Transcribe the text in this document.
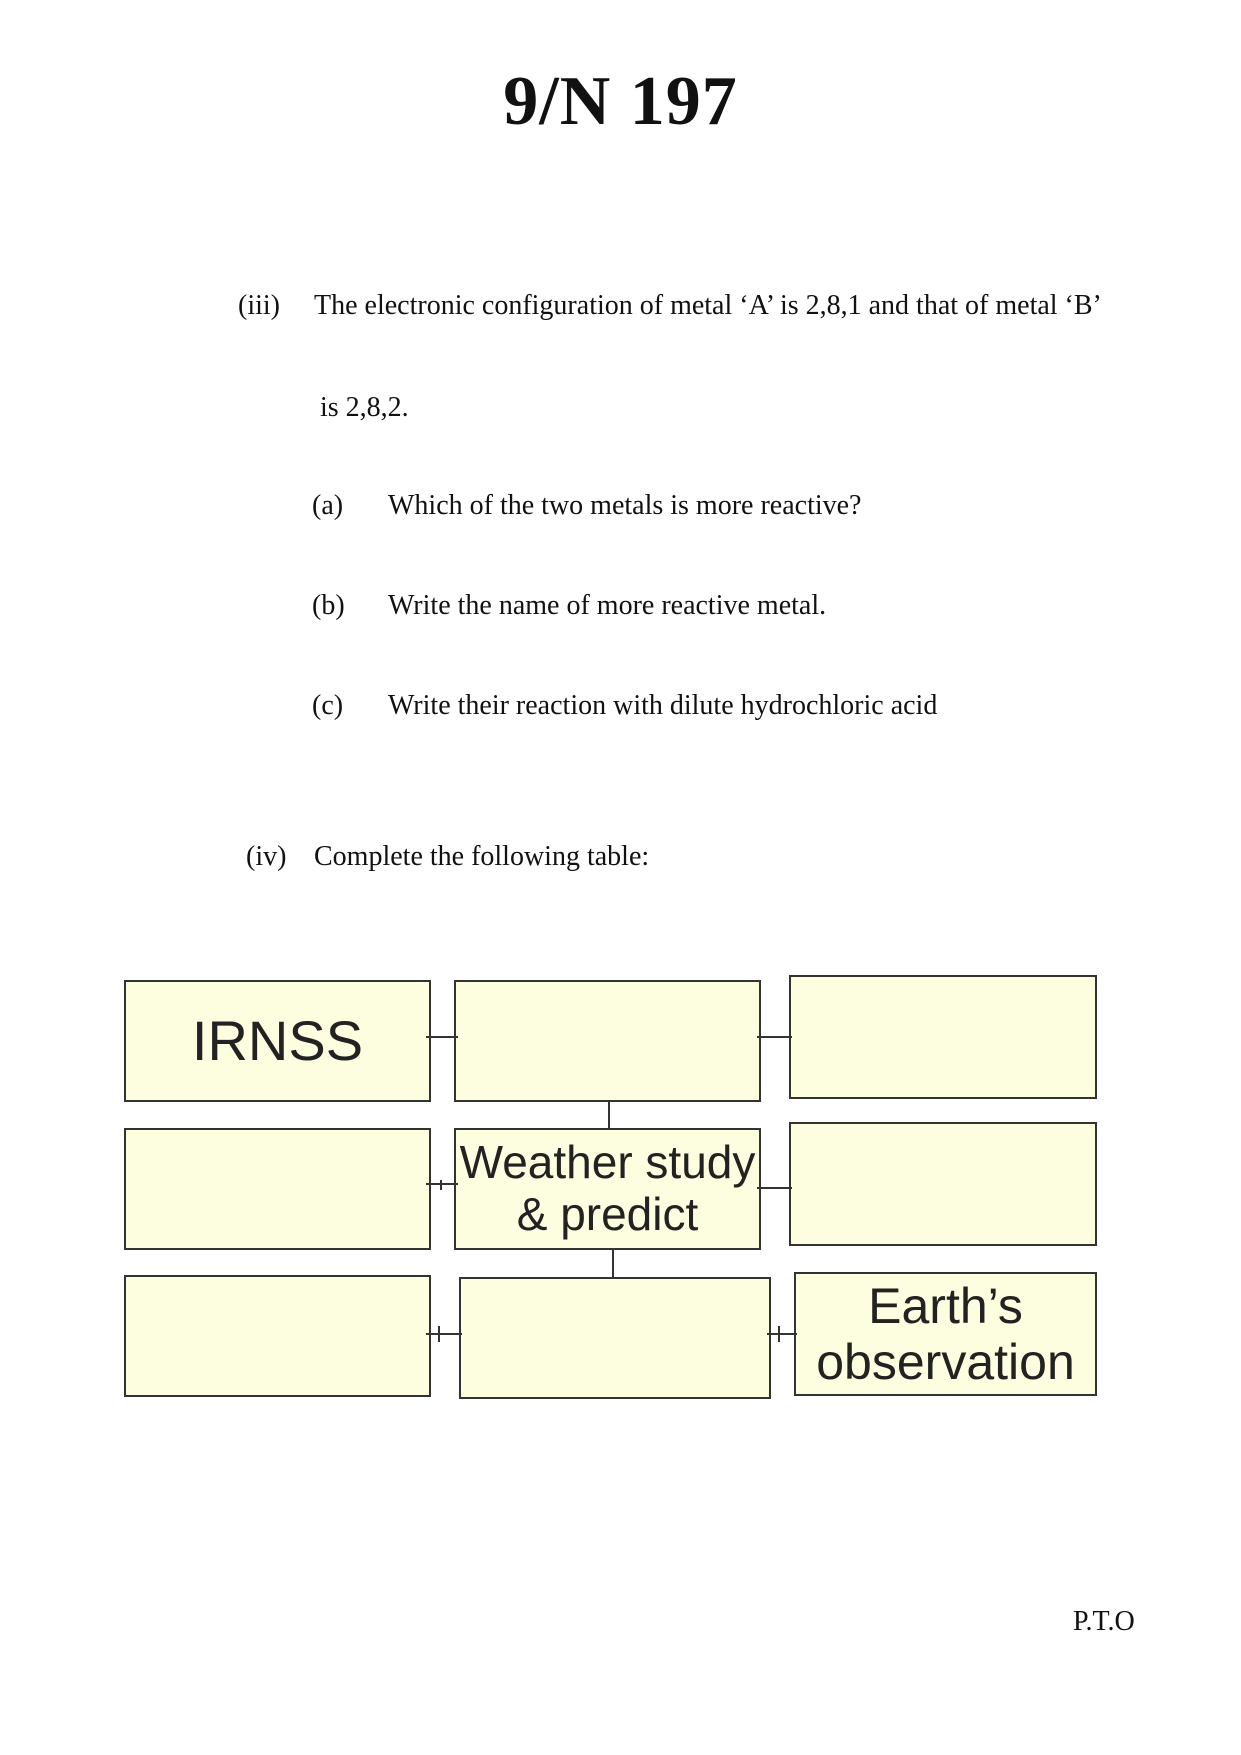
9/N 197
(iii) The electronic configuration of metal ‘A’ is 2,8,1 and that of metal ‘B’
is 2,8,2.
(a) Which of the two metals is more reactive?
(b) Write the name of more reactive metal.
(c) Write their reaction with dilute hydrochloric acid
(iv) Complete the following table:
IRNSS
Weather study
& predict
Earth’s
observation
P.T.O
